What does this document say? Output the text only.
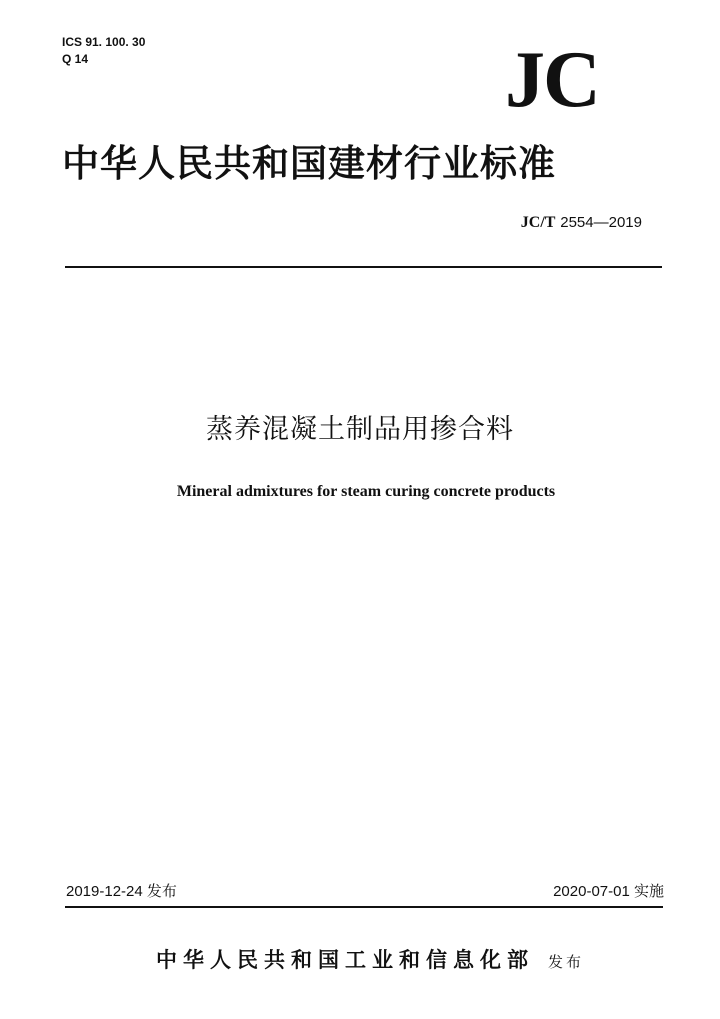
ICS 91. 100. 30
Q 14	JC
中华人民共和国建材行业标准
JC/T 2554—2019
蒸养混凝土制品用掺合料
Mineral admixtures for steam curing concrete products
2019-12-24 发布	2020-07-01 实施
中华人民共和国工业和信息化部 发布
